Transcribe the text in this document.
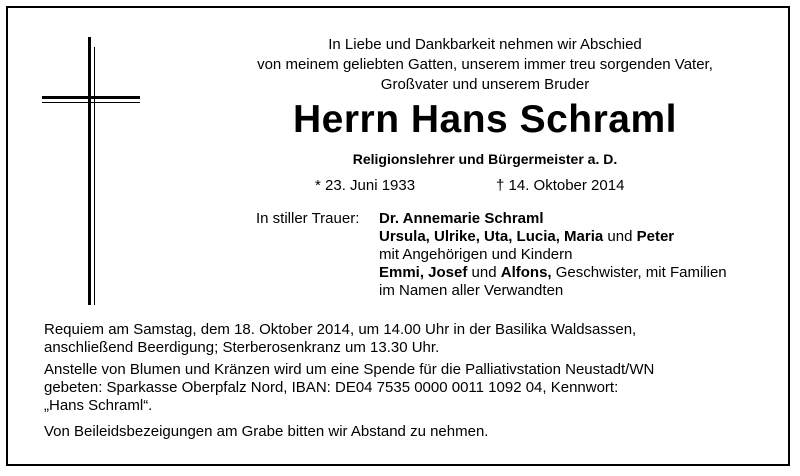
In Liebe und Dankbarkeit nehmen wir Abschied
von meinem geliebten Gatten, unserem immer treu sorgenden Vater,
Großvater und unserem Bruder
Herrn Hans Schraml
Religionslehrer und Bürgermeister a. D.
* 23. Juni 1933	† 14. Oktober 2014
In stiller Trauer: Dr. Annemarie Schraml
Ursula, Ulrike, Uta, Lucia, Maria und Peter
mit Angehörigen und Kindern
Emmi, Josef und Alfons, Geschwister, mit Familien
im Namen aller Verwandten
Requiem am Samstag, dem 18. Oktober 2014, um 14.00 Uhr in der Basilika Waldsassen,
anschließend Beerdigung; Sterberosenkranz um 13.30 Uhr.
Anstelle von Blumen und Kränzen wird um eine Spende für die Palliativstation Neustadt/WN
gebeten: Sparkasse Oberpfalz Nord, IBAN: DE04 7535 0000 0011 1092 04, Kennwort:
„Hans Schraml“.
Von Beileidsbezeigungen am Grabe bitten wir Abstand zu nehmen.
